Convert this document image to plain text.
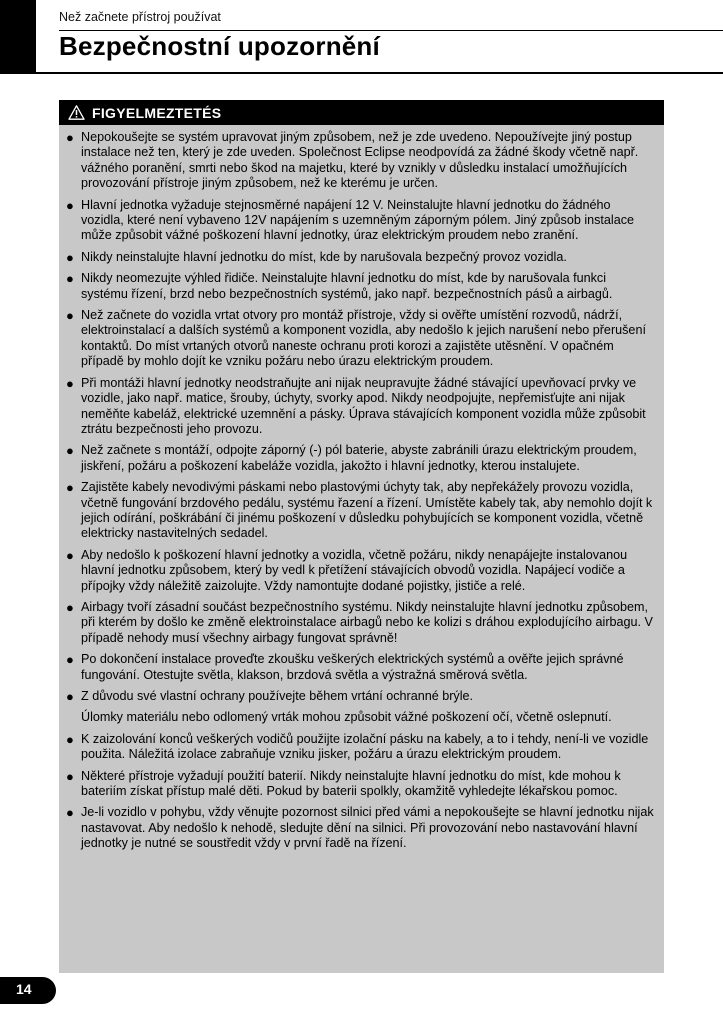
Než začnete přístroj používat
Bezpečnostní upozornění
FIGYELMEZTETÉS
● Nepokoušejte se systém upravovat jiným způsobem, než je zde uvedeno. Nepoužívejte jiný postup instalace než ten, který je zde uveden. Společnost Eclipse neodpovídá za žádné škody včetně např. vážného poranění, smrti nebo škod na majetku, které by vznikly v důsledku instalací umožňujících provozování přístroje jiným způsobem, než ke kterému je určen.
● Hlavní jednotka vyžaduje stejnosměrné napájení 12 V. Neinstalujte hlavní jednotku do žádného vozidla, které není vybaveno 12V napájením s uzemněným záporným pólem. Jiný způsob instalace může způsobit vážné poškození hlavní jednotky, úraz elektrickým proudem nebo zranění.
● Nikdy neinstalujte hlavní jednotku do míst, kde by narušovala bezpečný provoz vozidla.
● Nikdy neomezujte výhled řidiče. Neinstalujte hlavní jednotku do míst, kde by narušovala funkci systému řízení, brzd nebo bezpečnostních systémů, jako např. bezpečnostních pásů a airbagů.
● Než začnete do vozidla vrtat otvory pro montáž přístroje, vždy si ověřte umístění rozvodů, nádrží, elektroinstalací a dalších systémů a komponent vozidla, aby nedošlo k jejich narušení nebo přerušení kontaktů. Do míst vrtaných otvorů naneste ochranu proti korozi a zajistěte utěsnění. V opačném případě by mohlo dojít ke vzniku požáru nebo úrazu elektrickým proudem.
● Při montáži hlavní jednotky neodstraňujte ani nijak neupravujte žádné stávající upevňovací prvky ve vozidle, jako např. matice, šrouby, úchyty, svorky apod. Nikdy neodpojujte, nepřemisťujte ani nijak neměňte kabeláž, elektrické uzemnění a pásky. Úprava stávajících komponent vozidla může způsobit ztrátu bezpečnosti jeho provozu.
● Než začnete s montáží, odpojte záporný (-) pól baterie, abyste zabránili úrazu elektrickým proudem, jiskření, požáru a poškození kabeláže vozidla, jakožto i hlavní jednotky, kterou instalujete.
● Zajistěte kabely nevodivými páskami nebo plastovými úchyty tak, aby nepřekážely provozu vozidla, včetně fungování brzdového pedálu, systému řazení a řízení. Umístěte kabely tak, aby nemohlo dojít k jejich odírání, poškrábání či jinému poškození v důsledku pohybujících se komponent vozidla, včetně elektricky nastavitelných sedadel.
● Aby nedošlo k poškození hlavní jednotky a vozidla, včetně požáru, nikdy nenapájejte instalovanou hlavní jednotku způsobem, který by vedl k přetížení stávajících obvodů vozidla. Napájecí vodiče a přípojky vždy náležitě zaizolujte. Vždy namontujte dodané pojistky, jističe a relé.
● Airbagy tvoří zásadní součást bezpečnostního systému. Nikdy neinstalujte hlavní jednotku způsobem, při kterém by došlo ke změně elektroinstalace airbagů nebo ke kolizi s dráhou explodujícího airbagu. V případě nehody musí všechny airbagy fungovat správně!
● Po dokončení instalace proveďte zkoušku veškerých elektrických systémů a ověřte jejich správné fungování. Otestujte světla, klakson, brzdová světla a výstražná směrová světla.
● Z důvodu své vlastní ochrany používejte během vrtání ochranné brýle.
Úlomky materiálu nebo odlomený vrták mohou způsobit vážné poškození očí, včetně oslepnutí.
● K zaizolování konců veškerých vodičů použijte izolační pásku na kabely, a to i tehdy, není-li ve vozidle použita. Náležitá izolace zabraňuje vzniku jisker, požáru a úrazu elektrickým proudem.
● Některé přístroje vyžadují použití baterií. Nikdy neinstalujte hlavní jednotku do míst, kde mohou k bateriím získat přístup malé děti. Pokud by baterii spolkly, okamžitě vyhledejte lékařskou pomoc.
● Je-li vozidlo v pohybu, vždy věnujte pozornost silnici před vámi a nepokoušejte se hlavní jednotku nijak nastavovat. Aby nedošlo k nehodě, sledujte dění na silnici. Při provozování nebo nastavování hlavní jednotky je nutné se soustředit vždy v první řadě na řízení.
14
